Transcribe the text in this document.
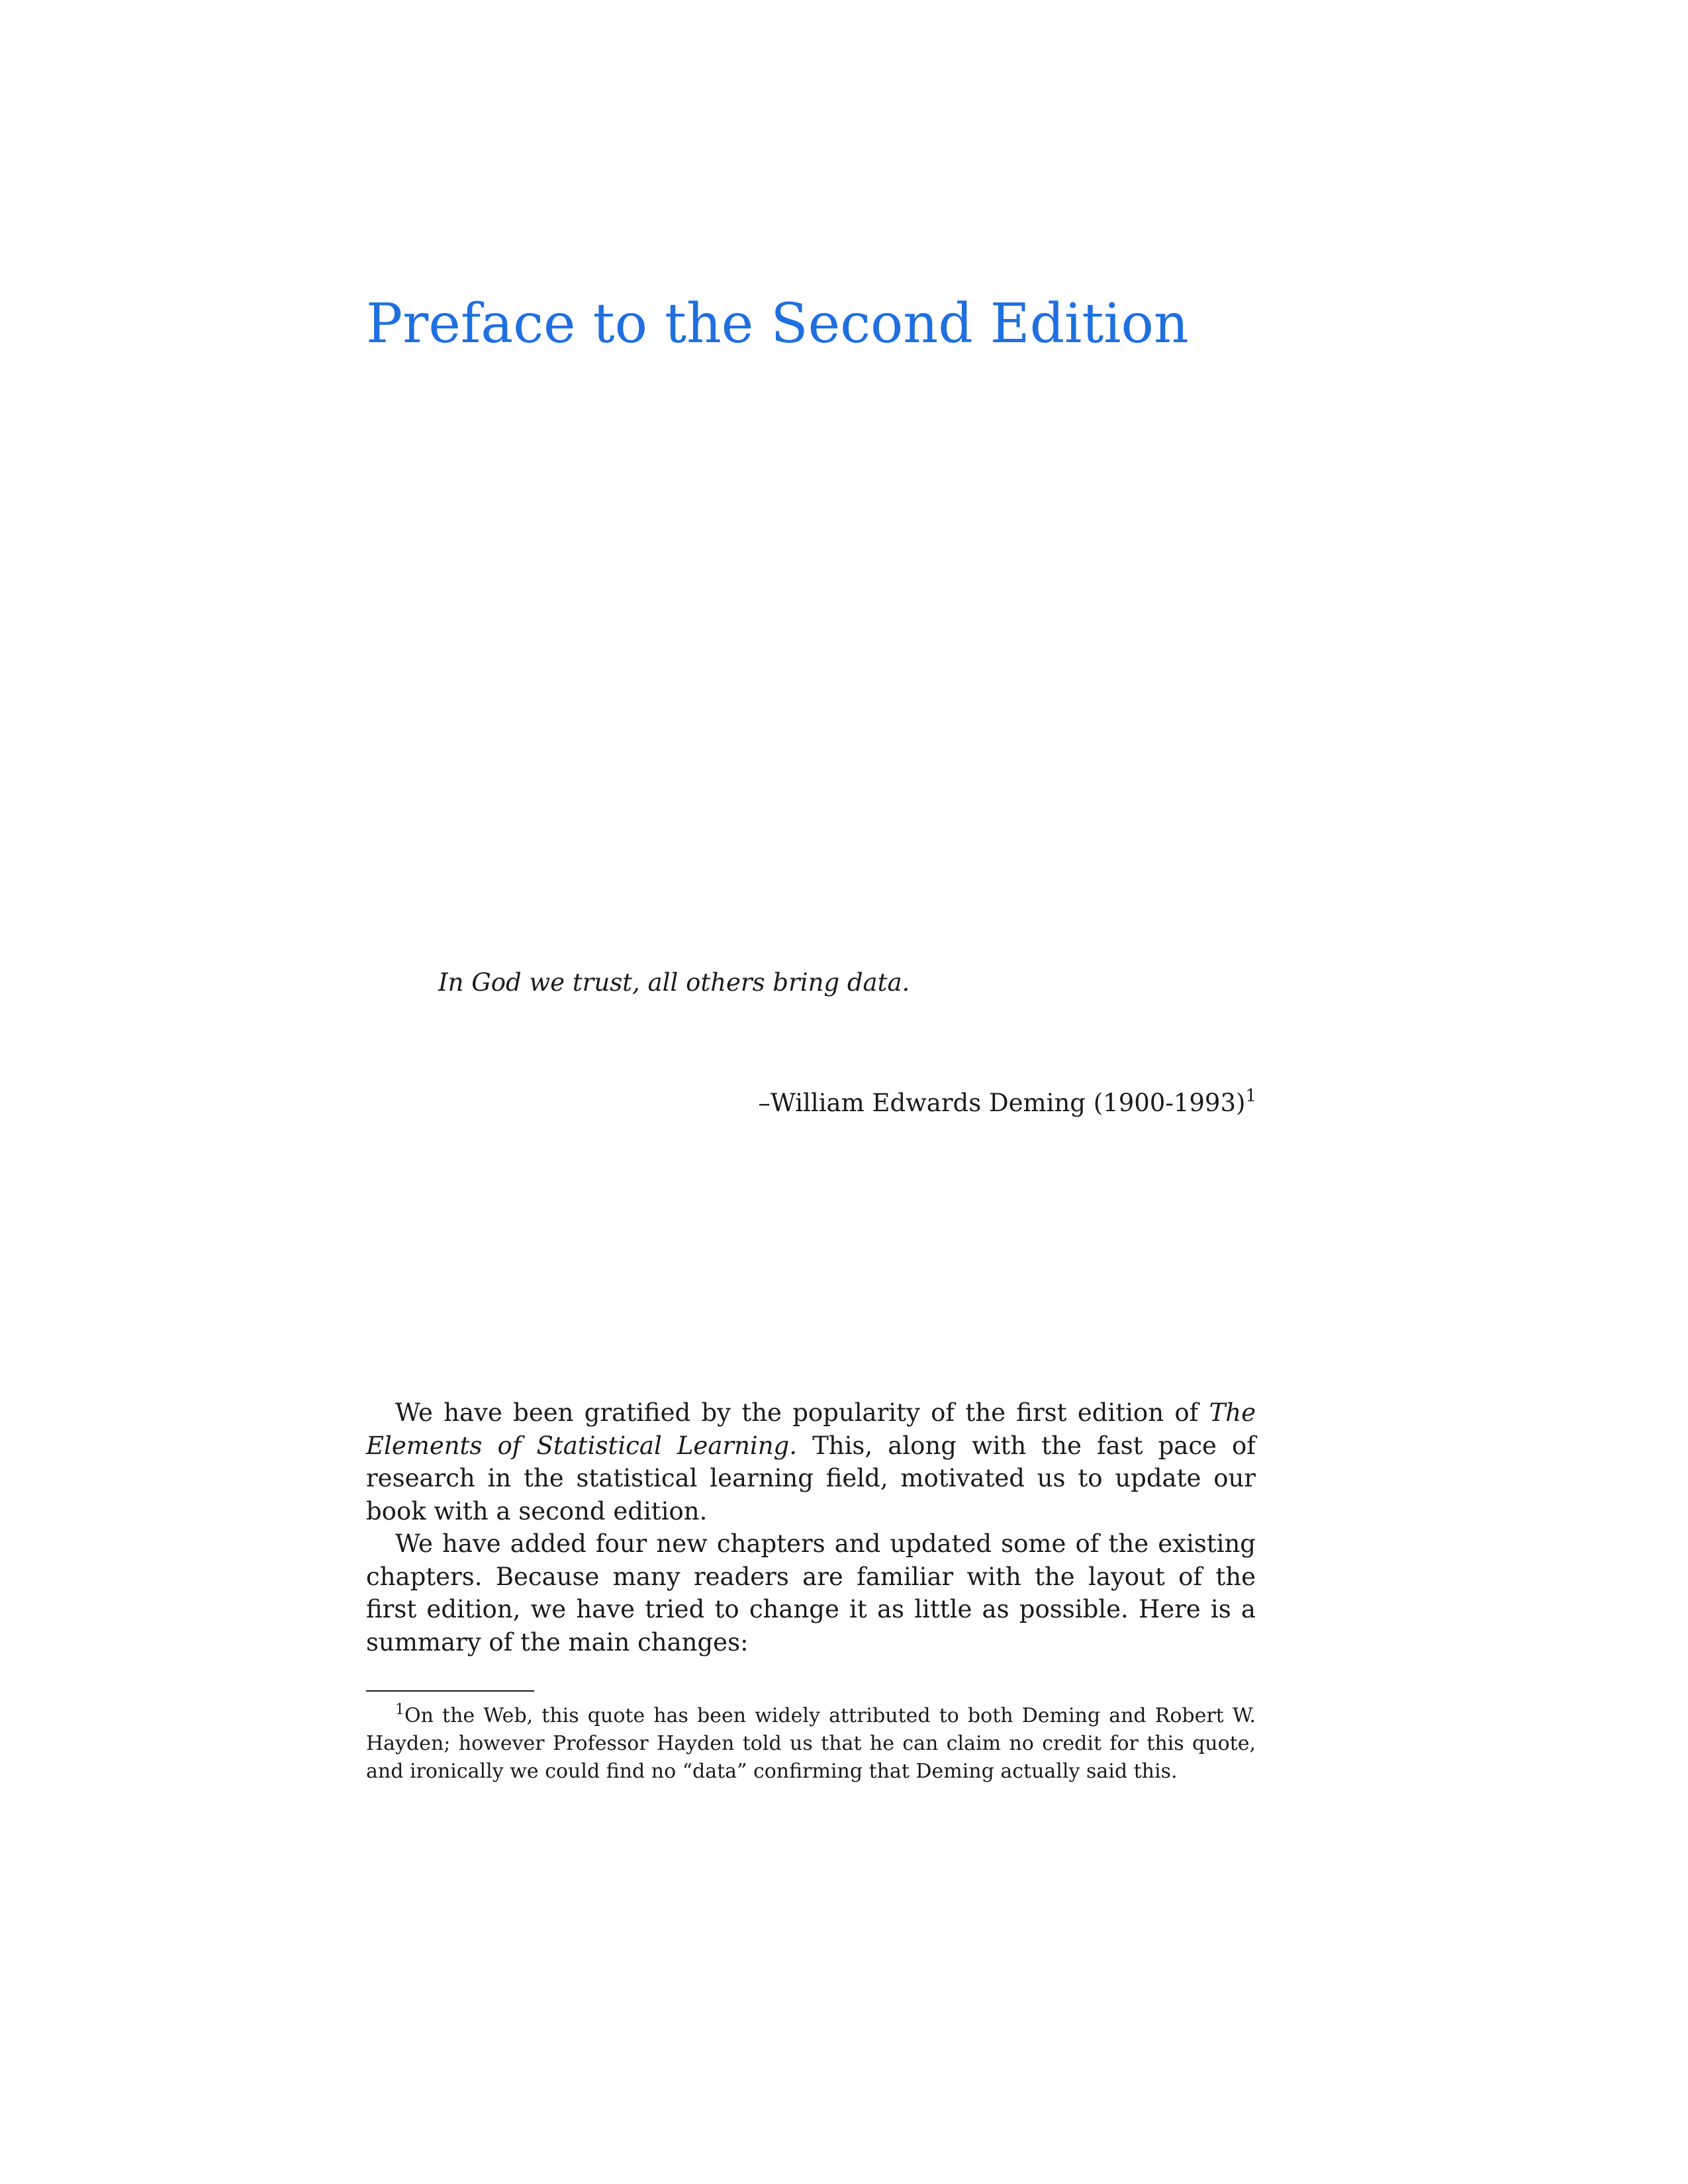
Preface to the Second Edition

In God we trust, all others bring data.

–William Edwards Deming (1900-1993)$^1$

We have been gratified by the popularity of the first edition of The Elements of Statistical Learning. This, along with the fast pace of research in the statistical learning field, motivated us to update our book with a second edition.

We have added four new chapters and updated some of the existing chapters. Because many readers are familiar with the layout of the first edition, we have tried to change it as little as possible. Here is a summary of the main changes:

$^1$On the Web, this quote has been widely attributed to both Deming and Robert W. Hayden; however Professor Hayden told us that he can claim no credit for this quote, and ironically we could find no “data” confirming that Deming actually said this.
